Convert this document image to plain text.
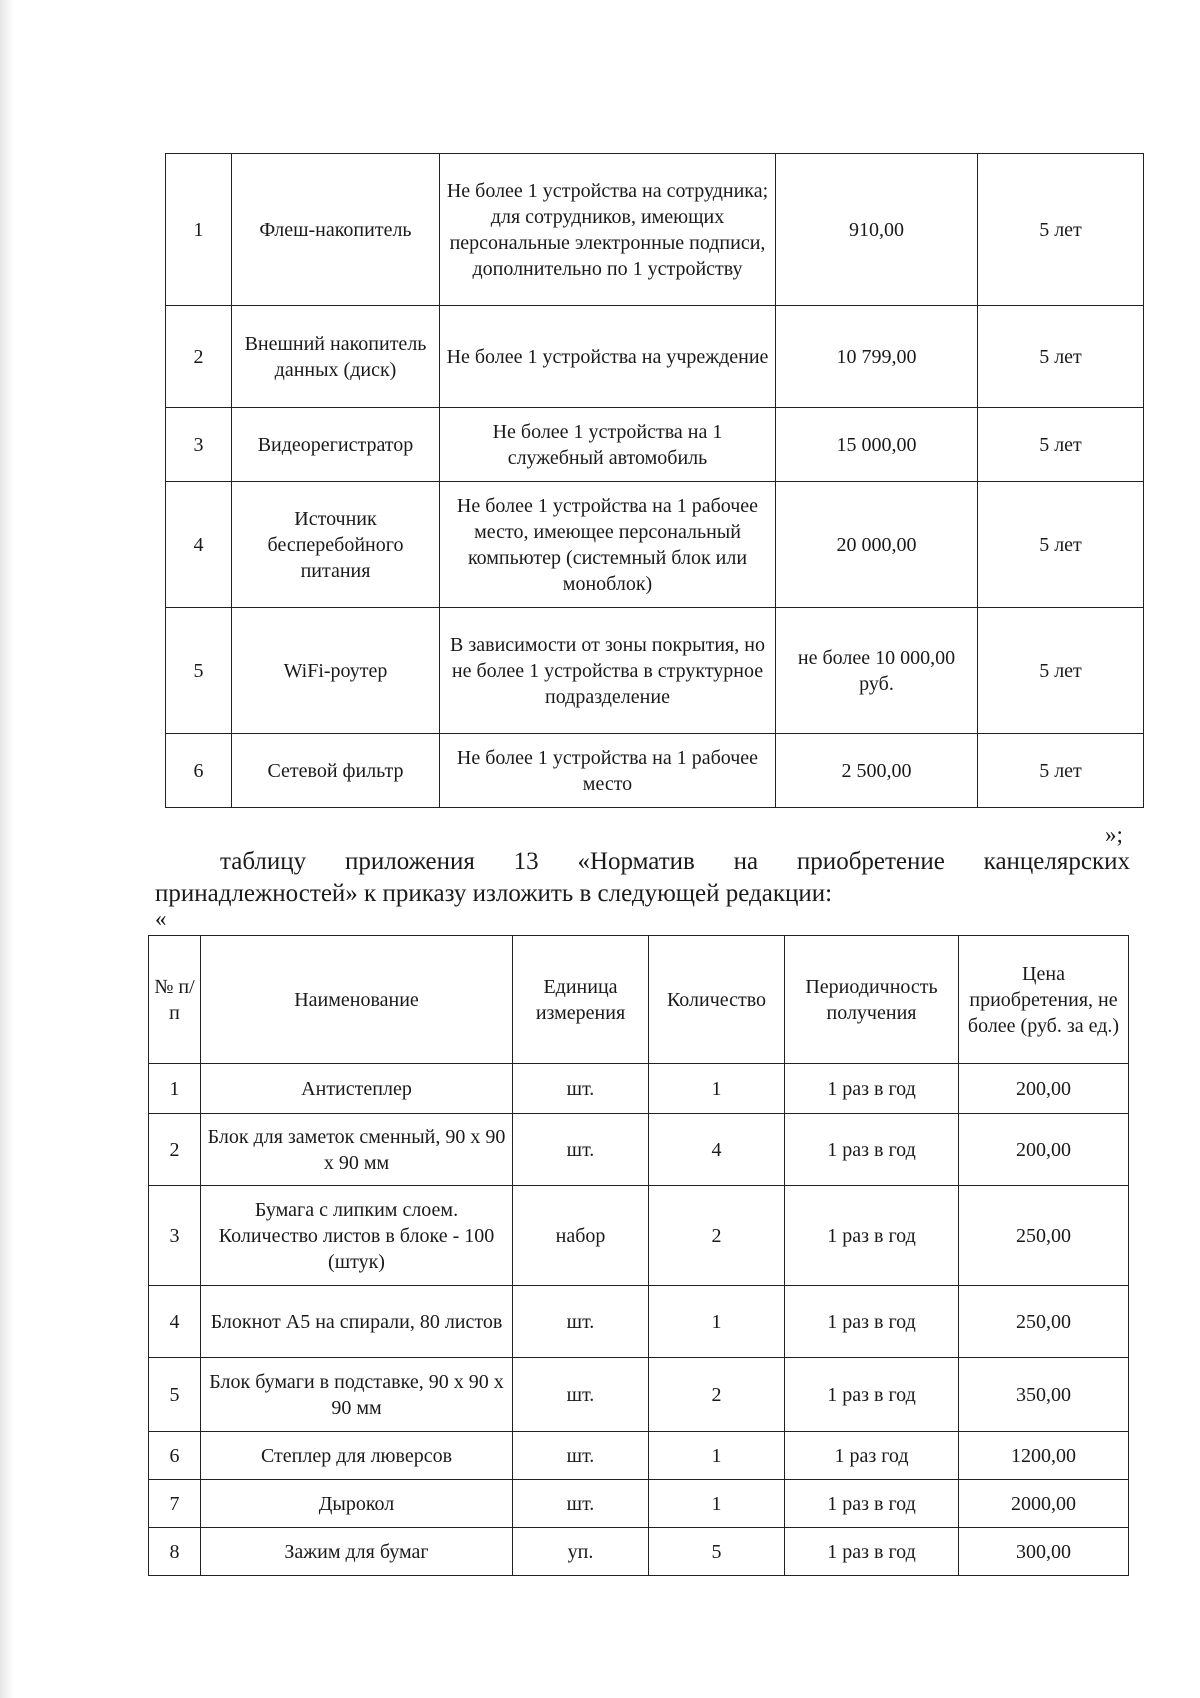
1	Флеш-накопитель	Не более 1 устройства на сотрудника; для сотрудников, имеющих персональные электронные подписи, дополнительно по 1 устройству	910,00	5 лет
2	Внешний накопитель данных (диск)	Не более 1 устройства на учреждение	10 799,00	5 лет
3	Видеорегистратор	Не более 1 устройства на 1 служебный автомобиль	15 000,00	5 лет
4	Источник бесперебойного питания	Не более 1 устройства на 1 рабочее место, имеющее персональный компьютер (системный блок или моноблок)	20 000,00	5 лет
5	WiFi-роутер	В зависимости от зоны покрытия, но не более 1 устройства в структурное подразделение	не более 10 000,00 руб.	5 лет
6	Сетевой фильтр	Не более 1 устройства на 1 рабочее место	2 500,00	5 лет
»;
таблицу приложения 13 «Норматив на приобретение канцелярских
принадлежностей» к приказу изложить в следующей редакции:
«
№ п/п	Наименование	Единица измерения	Количество	Периодичность получения	Цена приобретения, не более (руб. за ед.)
1	Антистеплер	шт.	1	1 раз в год	200,00
2	Блок для заметок сменный, 90 х 90 х 90 мм	шт.	4	1 раз в год	200,00
3	Бумага с липким слоем. Количество листов в блоке - 100 (штук)	набор	2	1 раз в год	250,00
4	Блокнот А5 на спирали, 80 листов	шт.	1	1 раз в год	250,00
5	Блок бумаги в подставке, 90 х 90 х 90 мм	шт.	2	1 раз в год	350,00
6	Степлер для люверсов	шт.	1	1 раз год	1200,00
7	Дырокол	шт.	1	1 раз в год	2000,00
8	Зажим для бумаг	уп.	5	1 раз в год	300,00
